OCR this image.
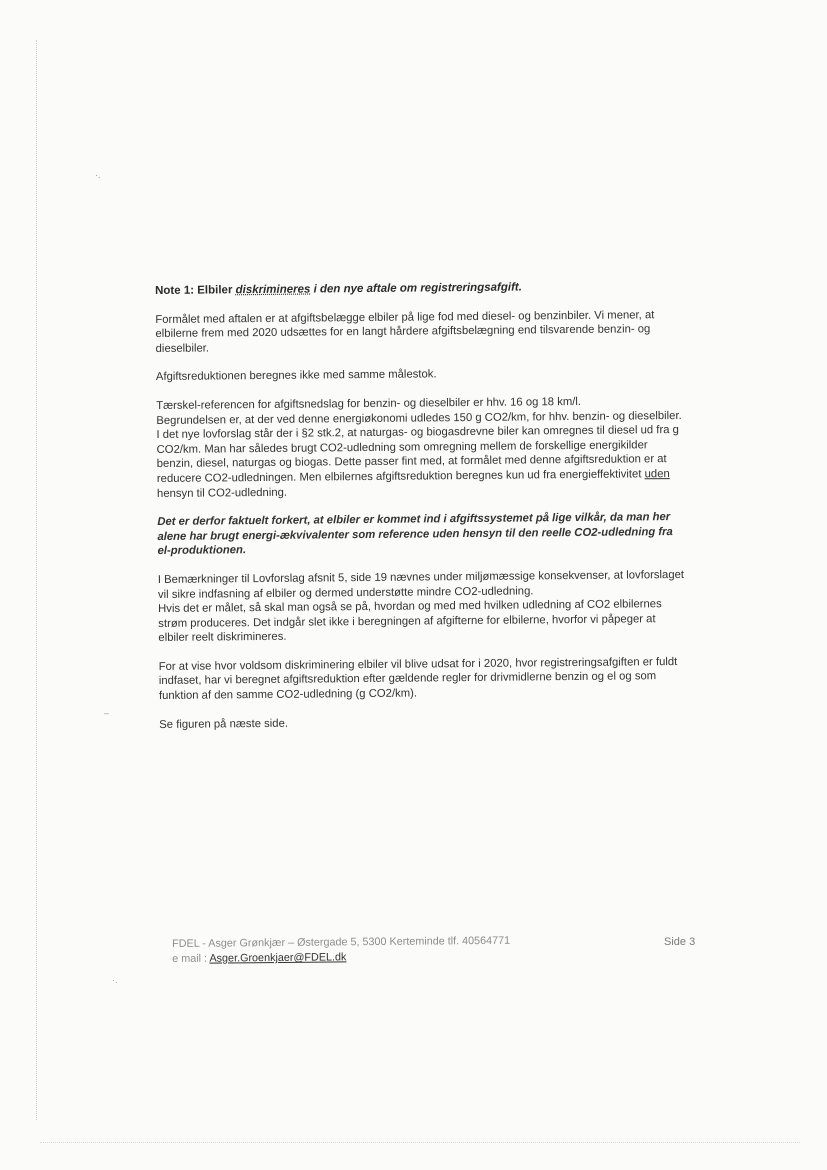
·.
–
·.
Note 1: Elbiler diskrimineres i den nye aftale om registreringsafgift.

Formålet med aftalen er at afgiftsbelægge elbiler på lige fod med diesel- og benzinbiler. Vi mener, at elbilerne frem med 2020 udsættes for en langt hårdere afgiftsbelægning end tilsvarende benzin- og dieselbiler.

Afgiftsreduktionen beregnes ikke med samme målestok.

Tærskel-referencen for afgiftsnedslag for benzin- og dieselbiler er hhv. 16 og 18 km/l.
Begrundelsen er, at der ved denne energiøkonomi udledes 150 g CO2/km, for hhv. benzin- og dieselbiler. I det nye lovforslag står der i §2 stk.2, at naturgas- og biogasdrevne biler kan omregnes til diesel ud fra g CO2/km. Man har således brugt CO2-udledning som omregning mellem de forskellige energikilder benzin, diesel, naturgas og biogas. Dette passer fint med, at formålet med denne afgiftsreduktion er at reducere CO2-udledningen. Men elbilernes afgiftsreduktion beregnes kun ud fra energieffektivitet uden hensyn til CO2-udledning.

Det er derfor faktuelt forkert, at elbiler er kommet ind i afgiftssystemet på lige vilkår, da man her alene har brugt energi-ækvivalenter som reference uden hensyn til den reelle CO2-udledning fra el-produktionen.

I Bemærkninger til Lovforslag afsnit 5, side 19 nævnes under miljømæssige konsekvenser, at lovforslaget vil sikre indfasning af elbiler og dermed understøtte mindre CO2-udledning.
Hvis det er målet, så skal man også se på, hvordan og med med hvilken udledning af CO2 elbilernes strøm produceres. Det indgår slet ikke i beregningen af afgifterne for elbilerne, hvorfor vi påpeger at elbiler reelt diskrimineres.

For at vise hvor voldsom diskriminering elbiler vil blive udsat for i 2020, hvor registreringsafgiften er fuldt indfaset, har vi beregnet afgiftsreduktion efter gældende regler for drivmidlerne benzin og el og som funktion af den samme CO2-udledning (g CO2/km).

Se figuren på næste side.

FDEL - Asger Grønkjær – Østergade 5, 5300 Kerteminde tlf. 40564771
e mail : Asger.Groenkjaer@FDEL.dk
Side 3
